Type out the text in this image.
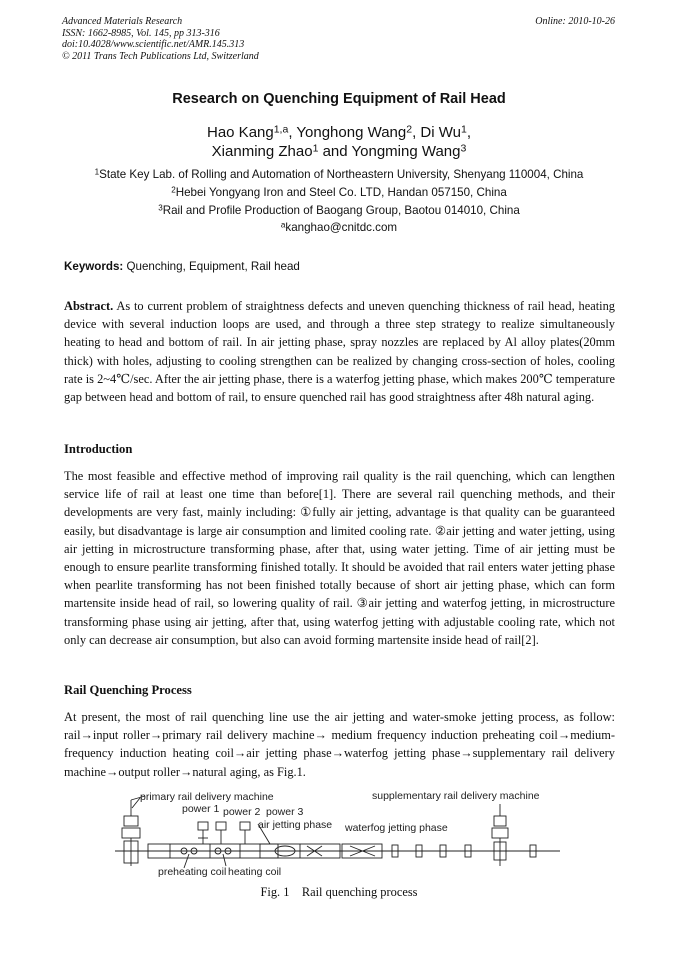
Advanced Materials Research
ISSN: 1662-8985, Vol. 145, pp 313-316
doi:10.4028/www.scientific.net/AMR.145.313
© 2011 Trans Tech Publications Ltd, Switzerland
Online: 2010-10-26
Research on Quenching Equipment of Rail Head
Hao Kang$^{1,a}$, Yonghong Wang$^2$, Di Wu$^1$,
Xianming Zhao$^1$ and Yongming Wang$^3$
$^1$State Key Lab. of Rolling and Automation of Northeastern University, Shenyang 110004, China
$^2$Hebei Yongyang Iron and Steel Co. LTD, Handan 057150, China
$^3$Rail and Profile Production of Baogang Group, Baotou 014010, China
$^a$kanghao@cnitdc.com
Keywords: Quenching, Equipment, Rail head

Abstract. As to current problem of straightness defects and uneven quenching thickness of rail head, heating device with several induction loops are used, and through a three step strategy to realize simultaneously heating to head and bottom of rail. In air jetting phase, spray nozzles are replaced by Al alloy plates(20mm thick) with holes, adjusting to cooling strengthen can be realized by changing cross-section of holes, cooling rate is 2~4℃/sec. After the air jetting phase, there is a waterfog jetting phase, which makes 200℃ temperature gap between head and bottom of rail, to ensure quenched rail has good straightness after 48h natural aging.

Introduction

The most feasible and effective method of improving rail quality is the rail quenching, which can lengthen service life of rail at least one time than before[1]. There are several rail quenching methods, and their developments are very fast, mainly including: ①fully air jetting, advantage is that quality can be guaranteed easily, but disadvantage is large air consumption and limited cooling rate. ②air jetting and water jetting, using air jetting in microstructure transforming phase, after that, using water jetting. Time of air jetting must be enough to ensure pearlite transforming finished totally. It should be avoided that rail enters water jetting phase when pearlite transforming has not been finished totally because of short air jetting phase, which can form martensite inside head of rail, so lowering quality of rail. ③air jetting and waterfog jetting, in microstructure transforming phase using air jetting, after that, using waterfog jetting with adjustable cooling rate, which not only can decrease air consumption, but also can avoid forming martensite inside head of rail[2].

Rail Quenching Process

At present, the most of rail quenching line use the air jetting and water-smoke jetting process, as follow: rail→input roller→primary rail delivery machine→ medium frequency induction preheating coil→medium-frequency induction heating coil→air jetting phase→waterfog jetting phase→supplementary rail delivery machine→output roller→natural aging, as Fig.1.

primary rail delivery machine
power 1 power 2 power 3
air jetting phase waterfog jetting phase
supplementary rail delivery machine
preheating coil heating coil
Fig. 1    Rail quenching process
